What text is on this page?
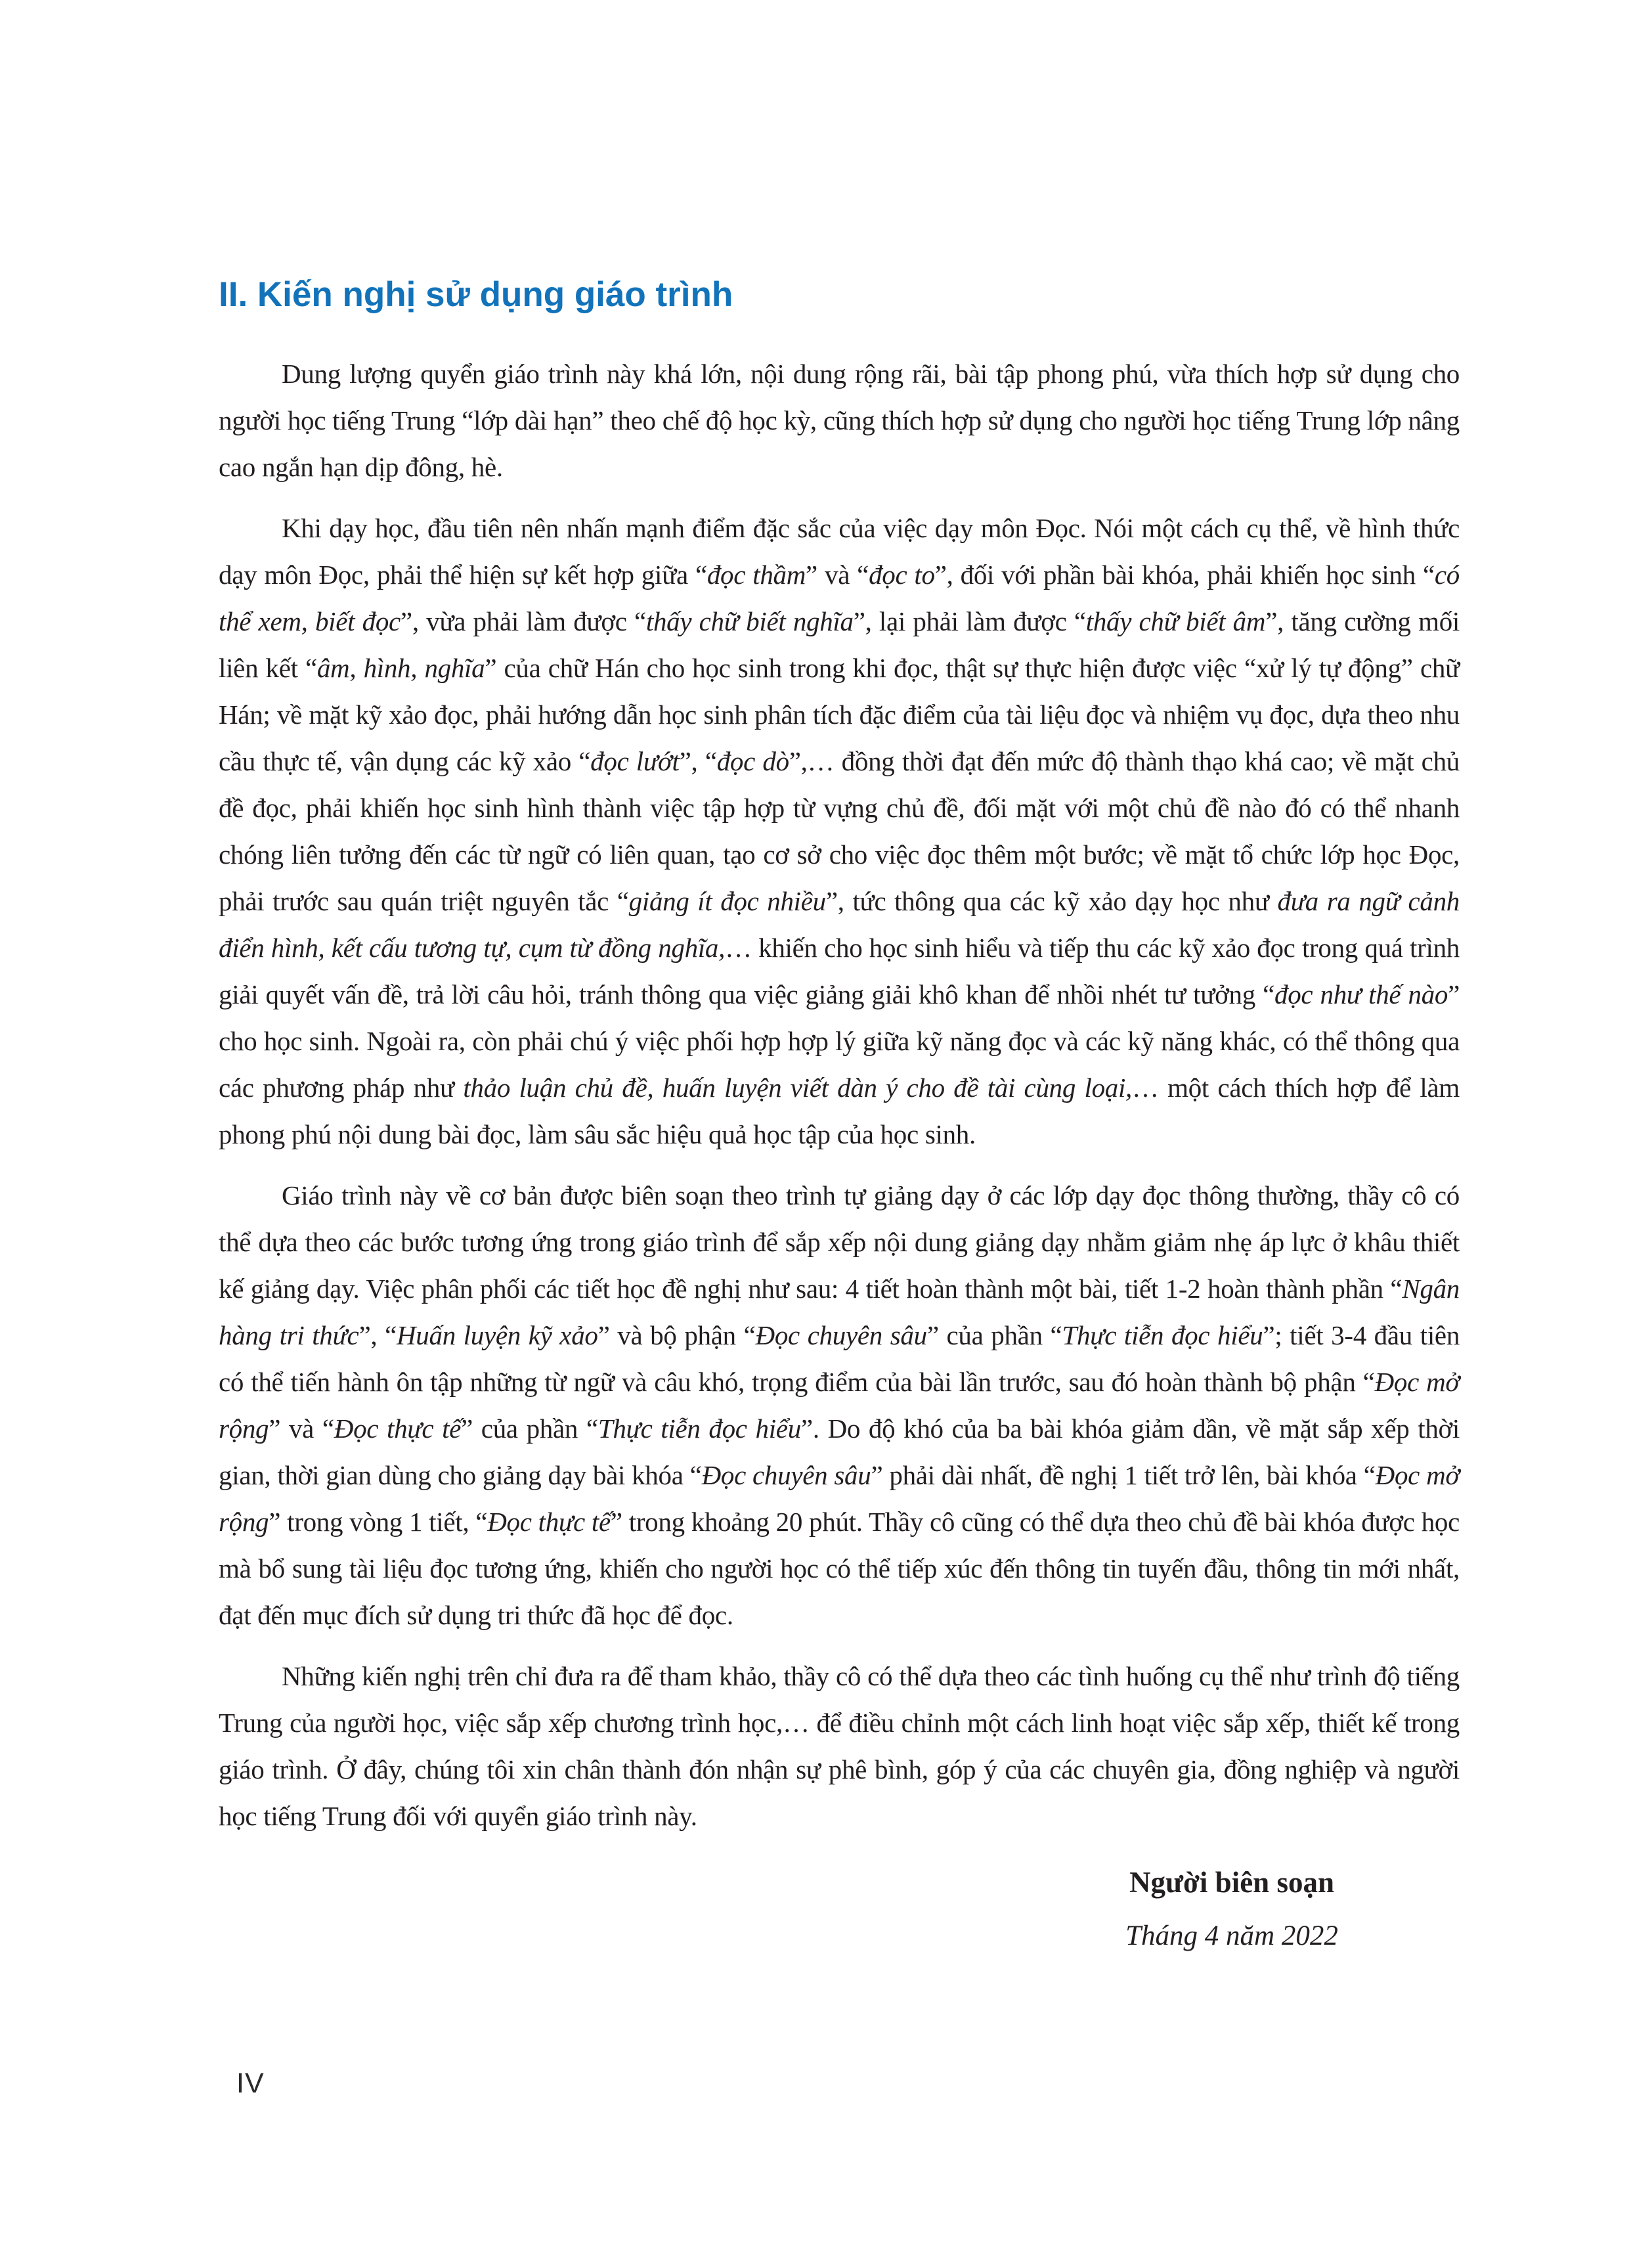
II. Kiến nghị sử dụng giáo trình

Dung lượng quyển giáo trình này khá lớn, nội dung rộng rãi, bài tập phong phú, vừa thích hợp sử dụng cho người học tiếng Trung “lớp dài hạn” theo chế độ học kỳ, cũng thích hợp sử dụng cho người học tiếng Trung lớp nâng cao ngắn hạn dịp đông, hè.

Khi dạy học, đầu tiên nên nhấn mạnh điểm đặc sắc của việc dạy môn Đọc. Nói một cách cụ thể, về hình thức dạy môn Đọc, phải thể hiện sự kết hợp giữa “đọc thầm” và “đọc to”, đối với phần bài khóa, phải khiến học sinh “có thể xem, biết đọc”, vừa phải làm được “thấy chữ biết nghĩa”, lại phải làm được “thấy chữ biết âm”, tăng cường mối liên kết “âm, hình, nghĩa” của chữ Hán cho học sinh trong khi đọc, thật sự thực hiện được việc “xử lý tự động” chữ Hán; về mặt kỹ xảo đọc, phải hướng dẫn học sinh phân tích đặc điểm của tài liệu đọc và nhiệm vụ đọc, dựa theo nhu cầu thực tế, vận dụng các kỹ xảo “đọc lướt”, “đọc dò”,… đồng thời đạt đến mức độ thành thạo khá cao; về mặt chủ đề đọc, phải khiến học sinh hình thành việc tập hợp từ vựng chủ đề, đối mặt với một chủ đề nào đó có thể nhanh chóng liên tưởng đến các từ ngữ có liên quan, tạo cơ sở cho việc đọc thêm một bước; về mặt tổ chức lớp học Đọc, phải trước sau quán triệt nguyên tắc “giảng ít đọc nhiều”, tức thông qua các kỹ xảo dạy học như đưa ra ngữ cảnh điển hình, kết cấu tương tự, cụm từ đồng nghĩa,… khiến cho học sinh hiểu và tiếp thu các kỹ xảo đọc trong quá trình giải quyết vấn đề, trả lời câu hỏi, tránh thông qua việc giảng giải khô khan để nhồi nhét tư tưởng “đọc như thế nào” cho học sinh. Ngoài ra, còn phải chú ý việc phối hợp hợp lý giữa kỹ năng đọc và các kỹ năng khác, có thể thông qua các phương pháp như thảo luận chủ đề, huấn luyện viết dàn ý cho đề tài cùng loại,… một cách thích hợp để làm phong phú nội dung bài đọc, làm sâu sắc hiệu quả học tập của học sinh.

Giáo trình này về cơ bản được biên soạn theo trình tự giảng dạy ở các lớp dạy đọc thông thường, thầy cô có thể dựa theo các bước tương ứng trong giáo trình để sắp xếp nội dung giảng dạy nhằm giảm nhẹ áp lực ở khâu thiết kế giảng dạy. Việc phân phối các tiết học đề nghị như sau: 4 tiết hoàn thành một bài, tiết 1-2 hoàn thành phần “Ngân hàng tri thức”, “Huấn luyện kỹ xảo” và bộ phận “Đọc chuyên sâu” của phần “Thực tiễn đọc hiểu”; tiết 3-4 đầu tiên có thể tiến hành ôn tập những từ ngữ và câu khó, trọng điểm của bài lần trước, sau đó hoàn thành bộ phận “Đọc mở rộng” và “Đọc thực tế” của phần “Thực tiễn đọc hiểu”. Do độ khó của ba bài khóa giảm dần, về mặt sắp xếp thời gian, thời gian dùng cho giảng dạy bài khóa “Đọc chuyên sâu” phải dài nhất, đề nghị 1 tiết trở lên, bài khóa “Đọc mở rộng” trong vòng 1 tiết, “Đọc thực tế” trong khoảng 20 phút. Thầy cô cũng có thể dựa theo chủ đề bài khóa được học mà bổ sung tài liệu đọc tương ứng, khiến cho người học có thể tiếp xúc đến thông tin tuyến đầu, thông tin mới nhất, đạt đến mục đích sử dụng tri thức đã học để đọc.

Những kiến nghị trên chỉ đưa ra để tham khảo, thầy cô có thể dựa theo các tình huống cụ thể như trình độ tiếng Trung của người học, việc sắp xếp chương trình học,… để điều chỉnh một cách linh hoạt việc sắp xếp, thiết kế trong giáo trình. Ở đây, chúng tôi xin chân thành đón nhận sự phê bình, góp ý của các chuyên gia, đồng nghiệp và người học tiếng Trung đối với quyển giáo trình này.

Người biên soạn
Tháng 4 năm 2022
IV
